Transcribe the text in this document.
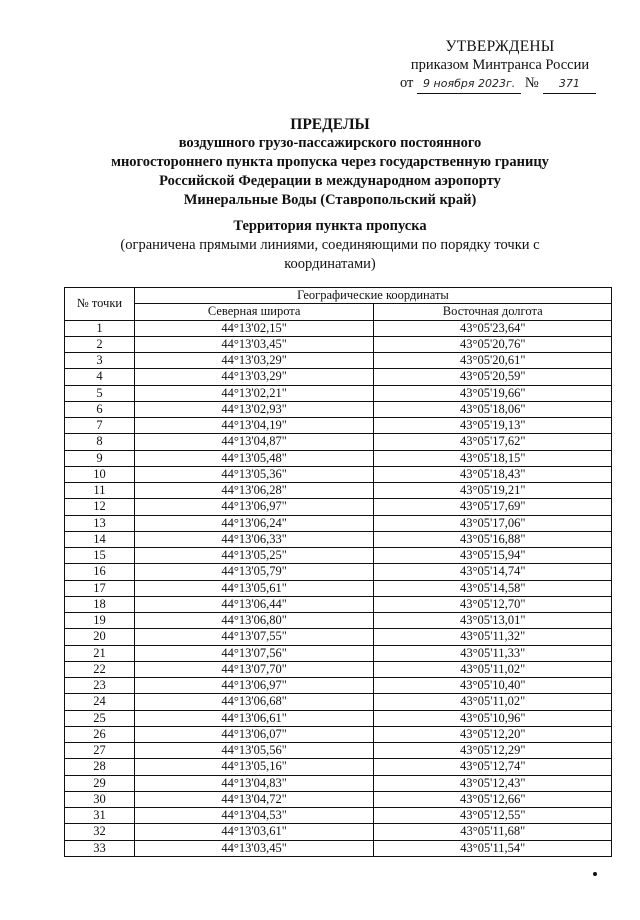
УТВЕРЖДЕНЫ
приказом Минтранса России
от 9 ноября 2023г. №	371
ПРЕДЕЛЫ
воздушного грузо-пассажирского постоянного
многостороннего пункта пропуска через государственную границу
Российской Федерации в международном аэропорту
Минеральные Воды (Ставропольский край)
Территория пункта пропуска
(ограничена прямыми линиями, соединяющими по порядку точки с
координатами)
№ точки	Географические координаты	
	Северная широта	Восточная долгота
1	44°13'02,15"	43°05'23,64"
2	44°13'03,45"	43°05'20,76"
3	44°13'03,29"	43°05'20,61"
4	44°13'03,29"	43°05'20,59"
5	44°13'02,21"	43°05'19,66"
6	44°13'02,93"	43°05'18,06"
7	44°13'04,19"	43°05'19,13"
8	44°13'04,87"	43°05'17,62"
9	44°13'05,48"	43°05'18,15"
10	44°13'05,36"	43°05'18,43"
11	44°13'06,28"	43°05'19,21"
12	44°13'06,97"	43°05'17,69"
13	44°13'06,24"	43°05'17,06"
14	44°13'06,33"	43°05'16,88"
15	44°13'05,25"	43°05'15,94"
16	44°13'05,79"	43°05'14,74"
17	44°13'05,61"	43°05'14,58"
18	44°13'06,44"	43°05'12,70"
19	44°13'06,80"	43°05'13,01"
20	44°13'07,55"	43°05'11,32"
21	44°13'07,56"	43°05'11,33"
22	44°13'07,70"	43°05'11,02"
23	44°13'06,97"	43°05'10,40"
24	44°13'06,68"	43°05'11,02"
25	44°13'06,61"	43°05'10,96"
26	44°13'06,07"	43°05'12,20"
27	44°13'05,56"	43°05'12,29"
28	44°13'05,16"	43°05'12,74"
29	44°13'04,83"	43°05'12,43"
30	44°13'04,72"	43°05'12,66"
31	44°13'04,53"	43°05'12,55"
32	44°13'03,61"	43°05'11,68"
33	44°13'03,45"	43°05'11,54"
